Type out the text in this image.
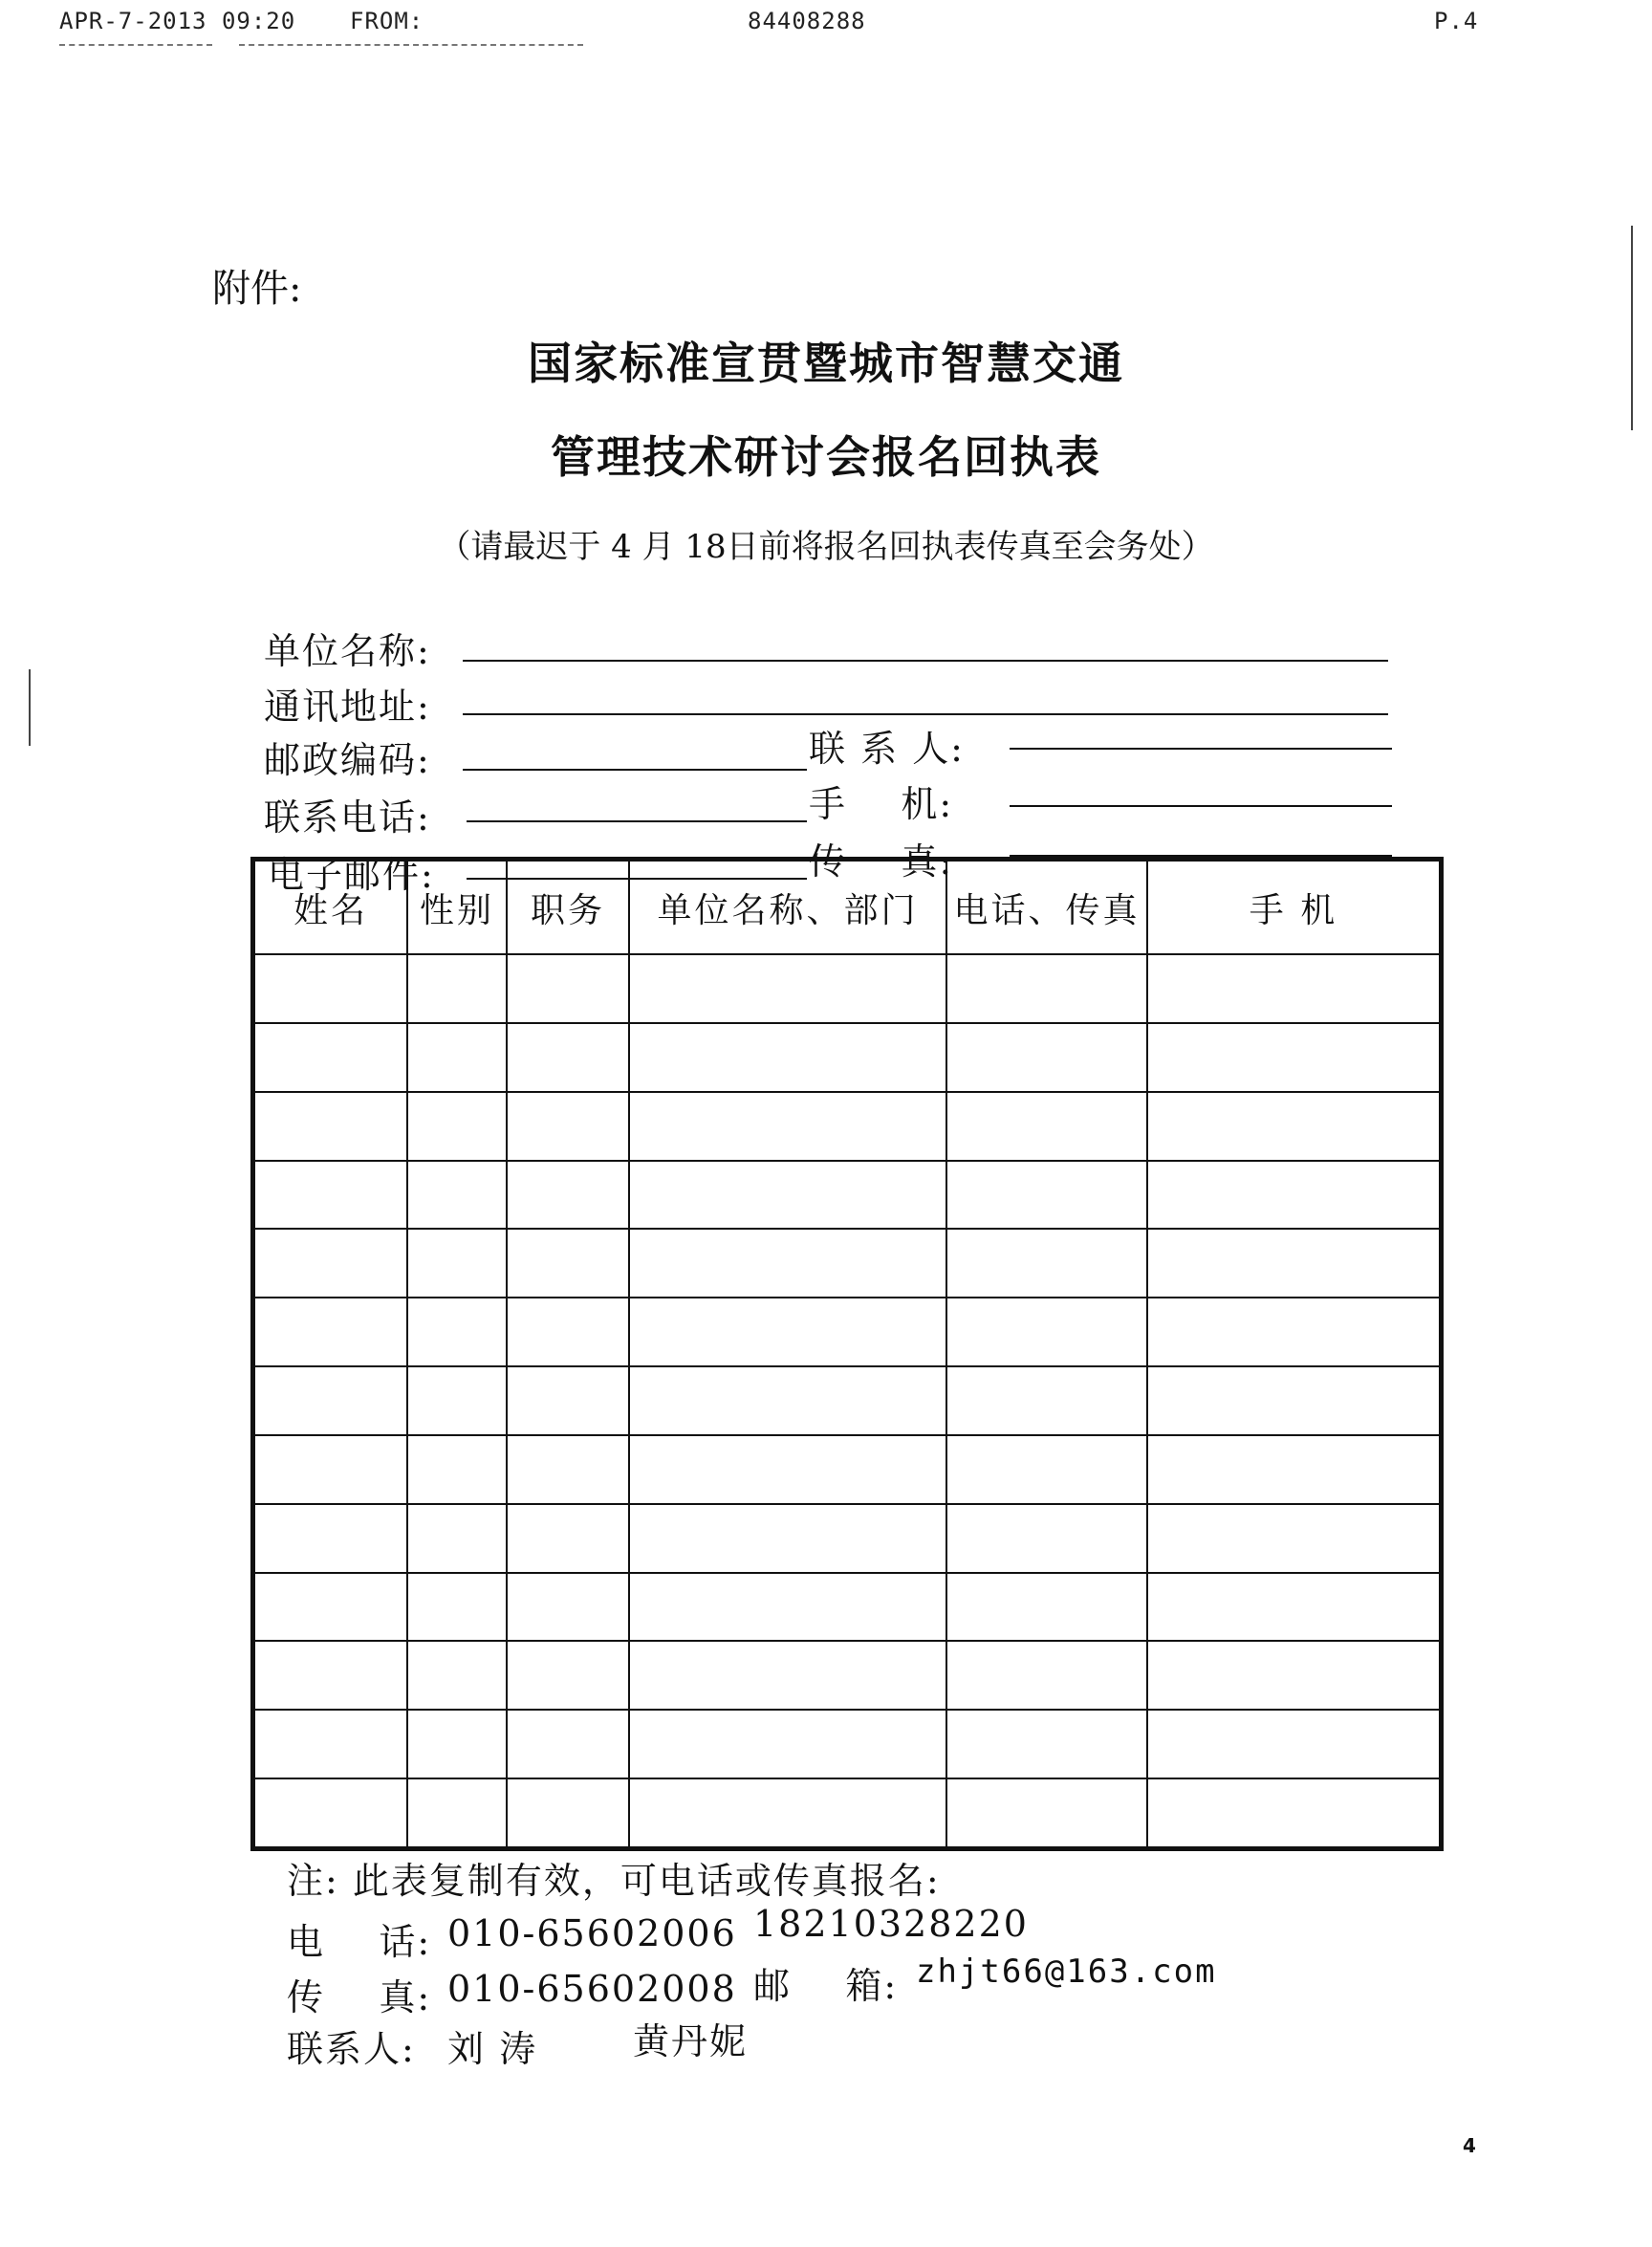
APR-7-2013 09:20 FROM:	84408288	P.4
附件:
国家标准宣贯暨城市智慧交通
管理技术研讨会报名回执表
（请最迟于 4 月 18日前将报名回执表传真至会务处）
单位名称:
通讯地址:
邮政编码:	联 系 人:
联系电话:	手    机:
电子邮件:	传    真:
姓名	性别	职务	单位名称、部门	电话、传真	手 机

注: 此表复制有效，可电话或传真报名:
电    话: 010-65602006 18210328220
传    真: 010-65602008 邮    箱: zhjt66@163.com
联系人: 刘 涛	黄丹妮
4
